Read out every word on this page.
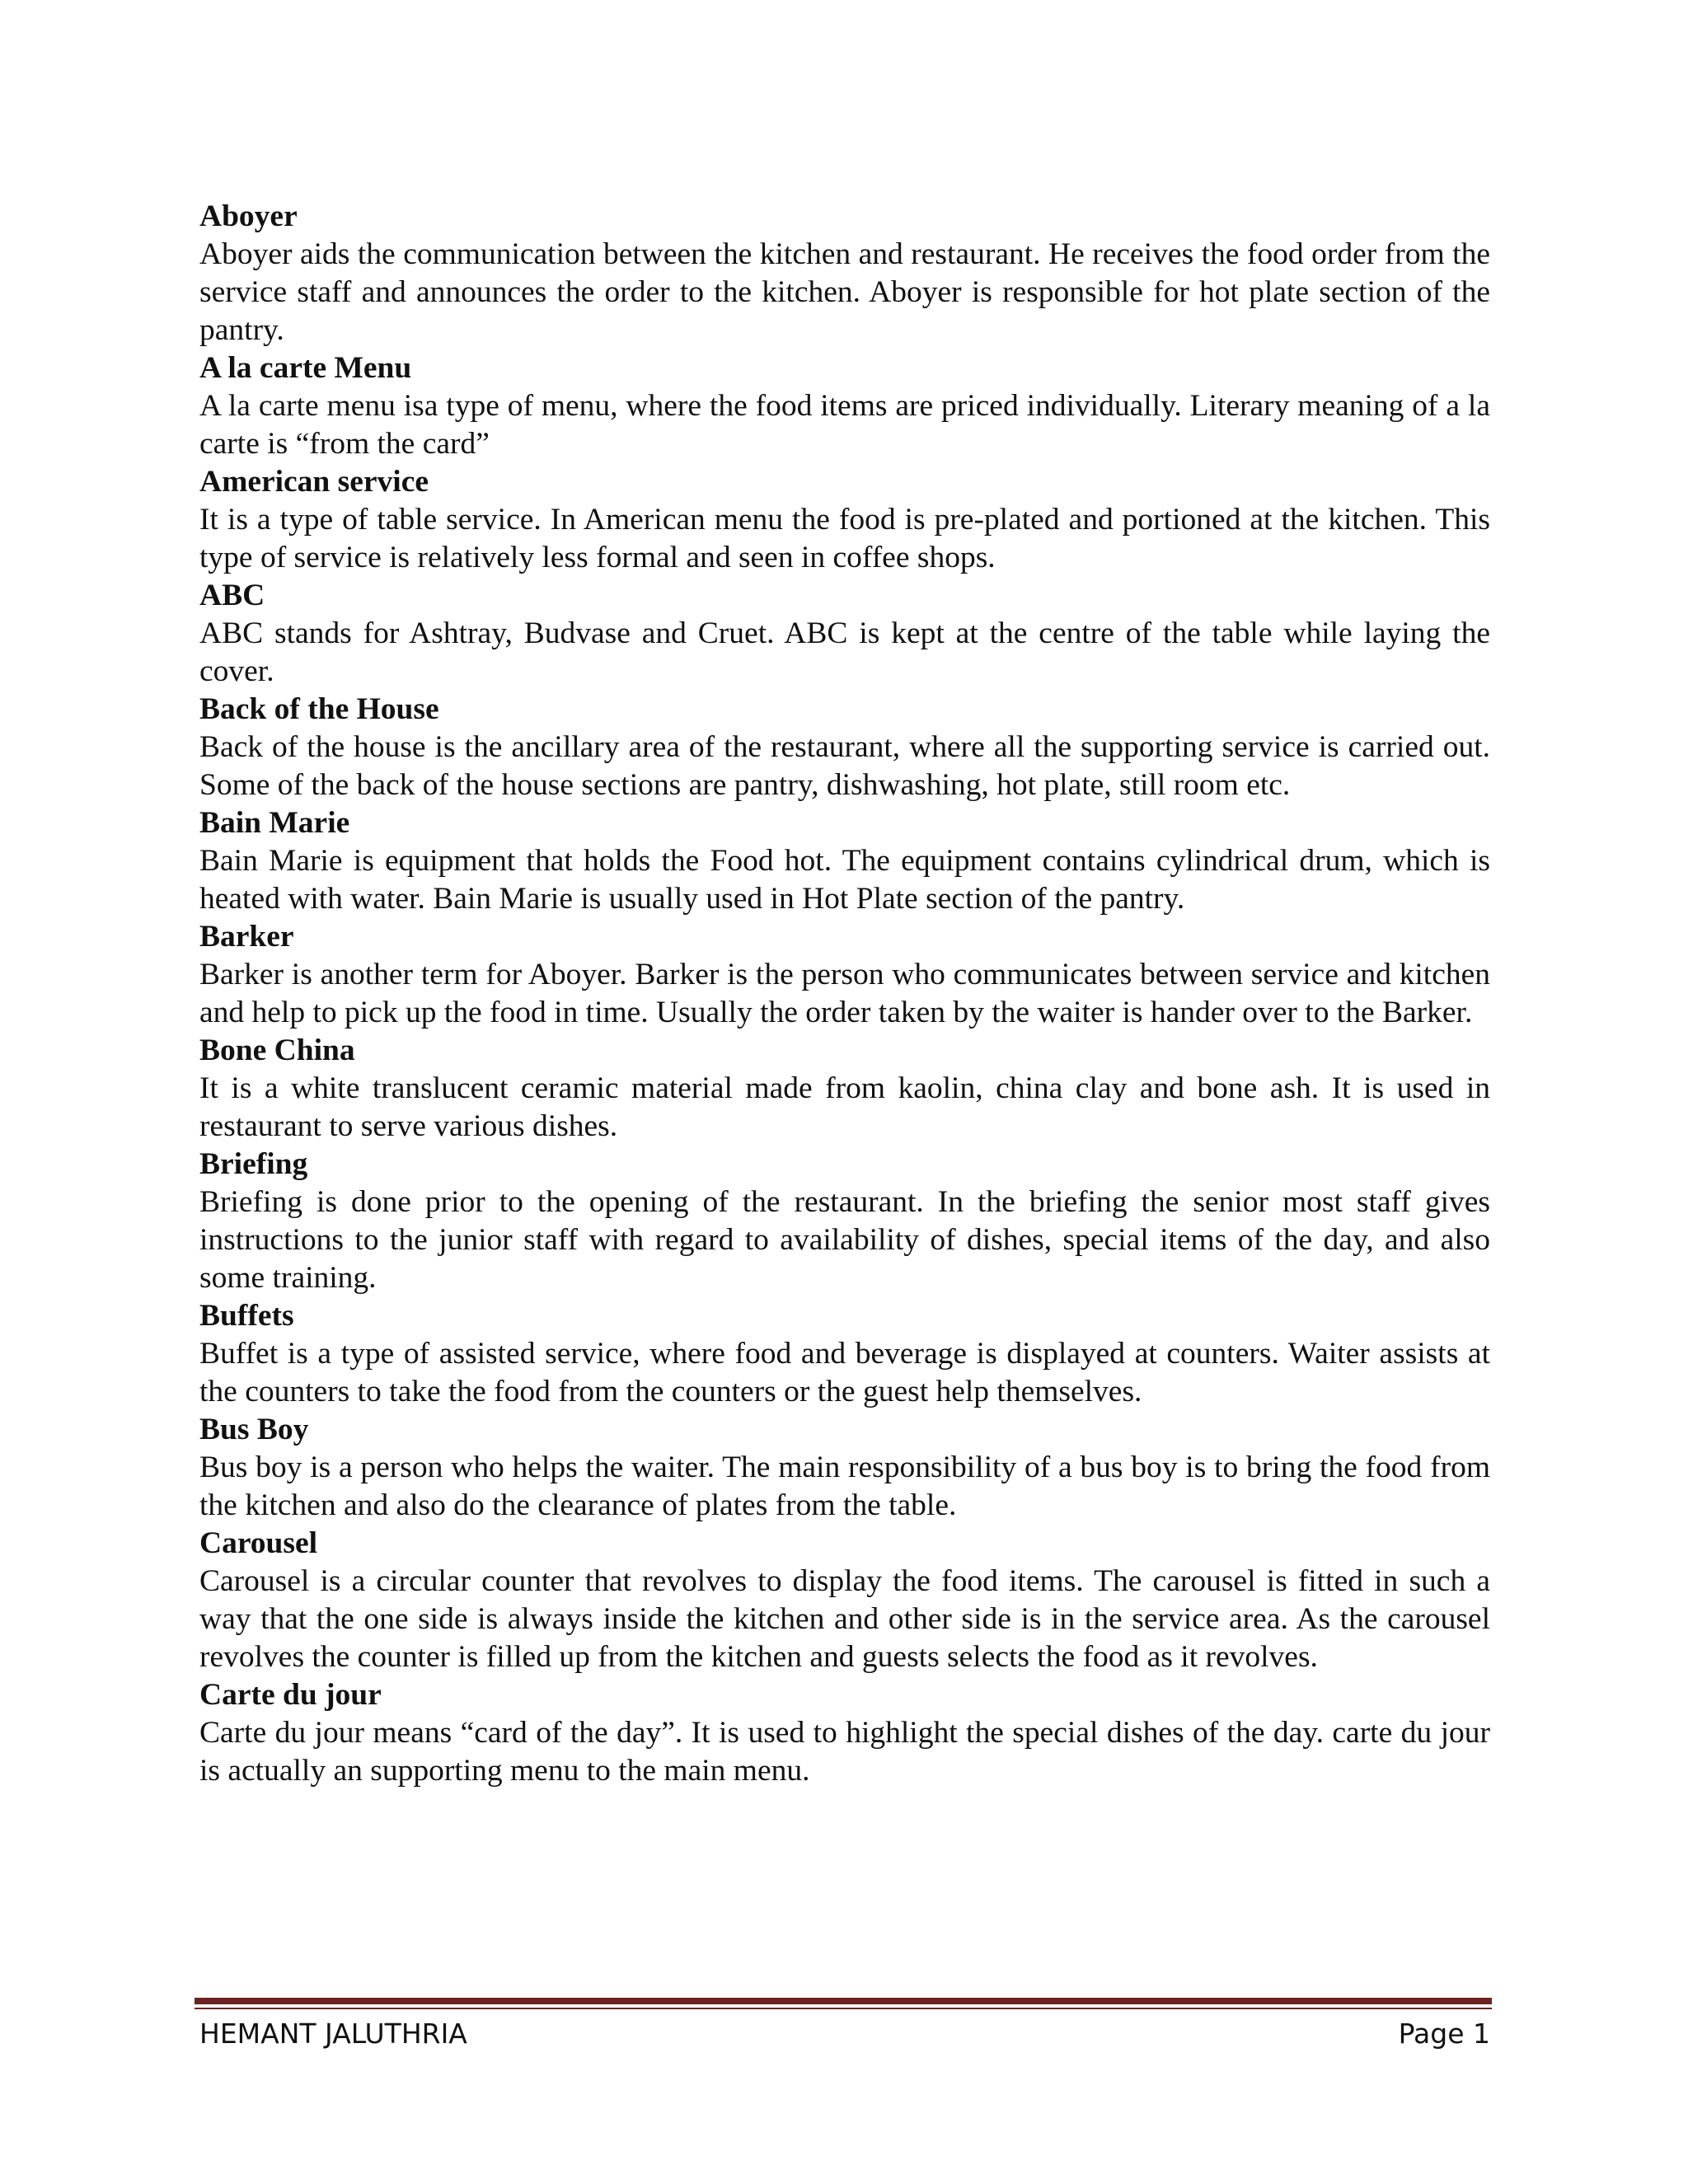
Aboyer

Aboyer aids the communication between the kitchen and restaurant. He receives the food order from the service staff and announces the order to the kitchen. Aboyer is responsible for hot plate section of the pantry.

A la carte Menu

A la carte menu isa type of menu, where the food items are priced individually. Literary meaning of a la carte is “from the card”

American service

It is a type of table service. In American menu the food is pre-plated and portioned at the kitchen. This type of service is relatively less formal and seen in coffee shops.

ABC

ABC stands for Ashtray, Budvase and Cruet. ABC is kept at the centre of the table while laying the cover.

Back of the House

Back of the house is the ancillary area of the restaurant, where all the supporting service is carried out. Some of the back of the house sections are pantry, dishwashing, hot plate, still room etc.

Bain Marie

Bain Marie is equipment that holds the Food hot. The equipment contains cylindrical drum, which is heated with water. Bain Marie is usually used in Hot Plate section of the pantry.

Barker

Barker is another term for Aboyer. Barker is the person who communicates between service and kitchen and help to pick up the food in time. Usually the order taken by the waiter is hander over to the Barker.

Bone China

It is a white translucent ceramic material made from kaolin, china clay and bone ash. It is used in restaurant to serve various dishes.

Briefing

Briefing is done prior to the opening of the restaurant. In the briefing the senior most staff gives instructions to the junior staff with regard to availability of dishes, special items of the day, and also some training.

Buffets

Buffet is a type of assisted service, where food and beverage is displayed at counters. Waiter assists at the counters to take the food from the counters or the guest help themselves.

Bus Boy

Bus boy is a person who helps the waiter. The main responsibility of a bus boy is to bring the food from the kitchen and also do the clearance of plates from the table.

Carousel

Carousel is a circular counter that revolves to display the food items. The carousel is fitted in such a way that the one side is always inside the kitchen and other side is in the service area. As the carousel revolves the counter is filled up from the kitchen and guests selects the food as it revolves.

Carte du jour

Carte du jour means “card of the day”. It is used to highlight the special dishes of the day. carte du jour is actually an supporting menu to the main menu.

HEMANT JALUTHRIA	Page 1
